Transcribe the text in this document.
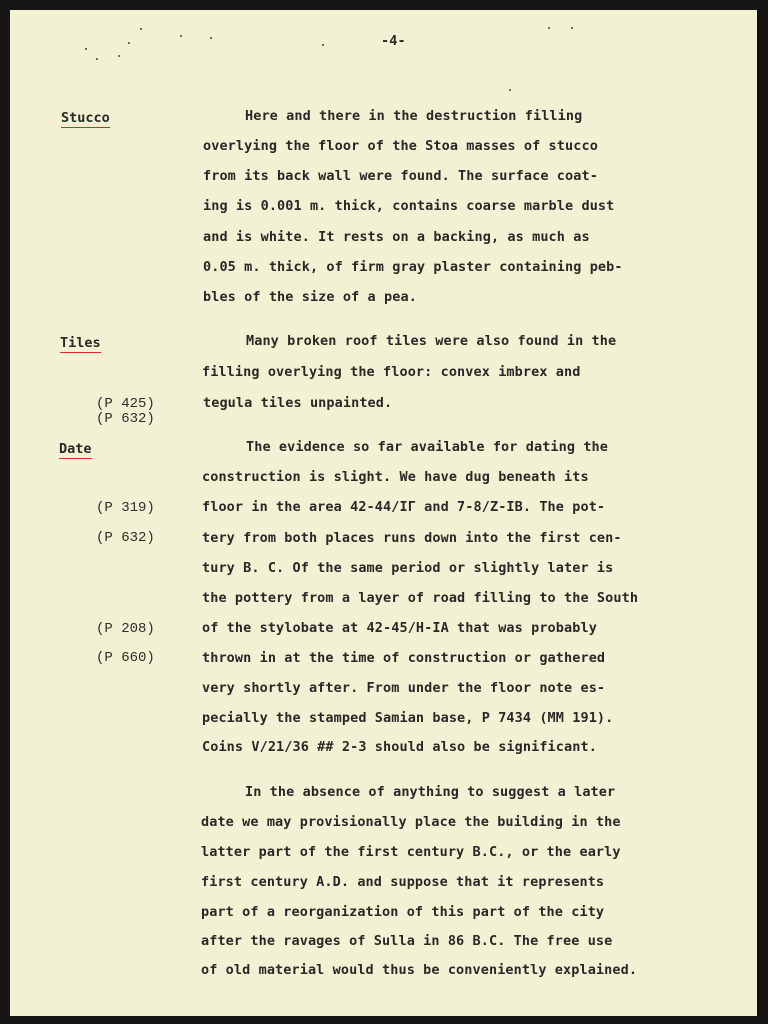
-4-
Stucco	Here and there in the destruction filling
overlying the floor of the Stoa masses of stucco
from its back wall were found. The surface coat-
ing is 0.001 m. thick, contains coarse marble dust
and is white. It rests on a backing, as much as
0.05 m. thick, of firm gray plaster containing peb-
bles of the size of a pea.
Tiles
(P 425)
(P 632)
Many broken roof tiles were also found in the
filling overlying the floor: convex imbrex and
tegula tiles unpainted.
Date
(P 319)
(P 632)
(P 208)
(P 660)
The evidence so far available for dating the
construction is slight. We have dug beneath its
floor in the area 42-44/IΓ and 7-8/Z-IB. The pot-
tery from both places runs down into the first cen-
tury B. C. Of the same period or slightly later is
the pottery from a layer of road filling to the South
of the stylobate at 42-45/H-IA that was probably
thrown in at the time of construction or gathered
very shortly after. From under the floor note es-
pecially the stamped Samian base, P 7434 (MM 191).
Coins V/21/36 ## 2-3 should also be significant.
In the absence of anything to suggest a later
date we may provisionally place the building in the
latter part of the first century B.C., or the early
first century A.D. and suppose that it represents
part of a reorganization of this part of the city
after the ravages of Sulla in 86 B.C. The free use
of old material would thus be conveniently explained.
